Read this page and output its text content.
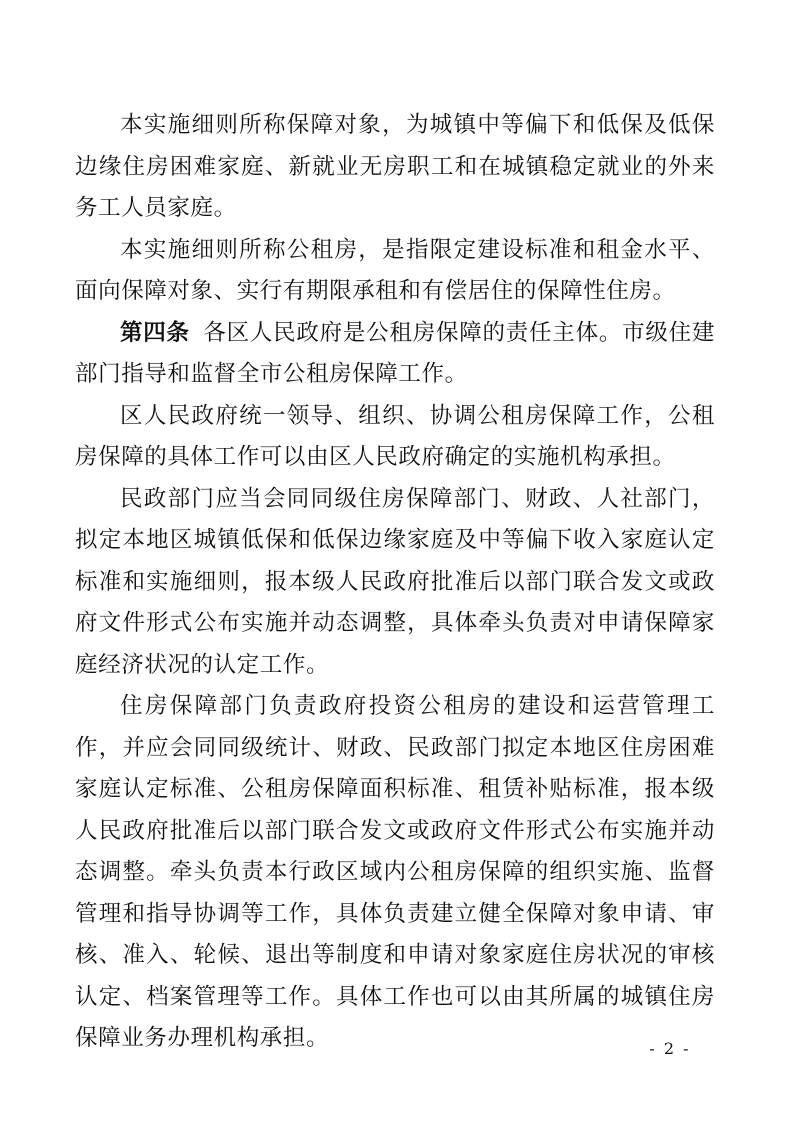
本实施细则所称保障对象，为城镇中等偏下和低保及低保边缘住房困难家庭、新就业无房职工和在城镇稳定就业的外来务工人员家庭。

本实施细则所称公租房，是指限定建设标准和租金水平、面向保障对象、实行有期限承租和有偿居住的保障性住房。

第四条 各区人民政府是公租房保障的责任主体。市级住建部门指导和监督全市公租房保障工作。

区人民政府统一领导、组织、协调公租房保障工作，公租房保障的具体工作可以由区人民政府确定的实施机构承担。

民政部门应当会同同级住房保障部门、财政、人社部门，拟定本地区城镇低保和低保边缘家庭及中等偏下收入家庭认定标准和实施细则，报本级人民政府批准后以部门联合发文或政府文件形式公布实施并动态调整，具体牵头负责对申请保障家庭经济状况的认定工作。

住房保障部门负责政府投资公租房的建设和运营管理工作，并应会同同级统计、财政、民政部门拟定本地区住房困难家庭认定标准、公租房保障面积标准、租赁补贴标准，报本级人民政府批准后以部门联合发文或政府文件形式公布实施并动态调整。牵头负责本行政区域内公租房保障的组织实施、监督管理和指导协调等工作，具体负责建立健全保障对象申请、审核、准入、轮候、退出等制度和申请对象家庭住房状况的审核认定、档案管理等工作。具体工作也可以由其所属的城镇住房保障业务办理机构承担。	- 2 -
